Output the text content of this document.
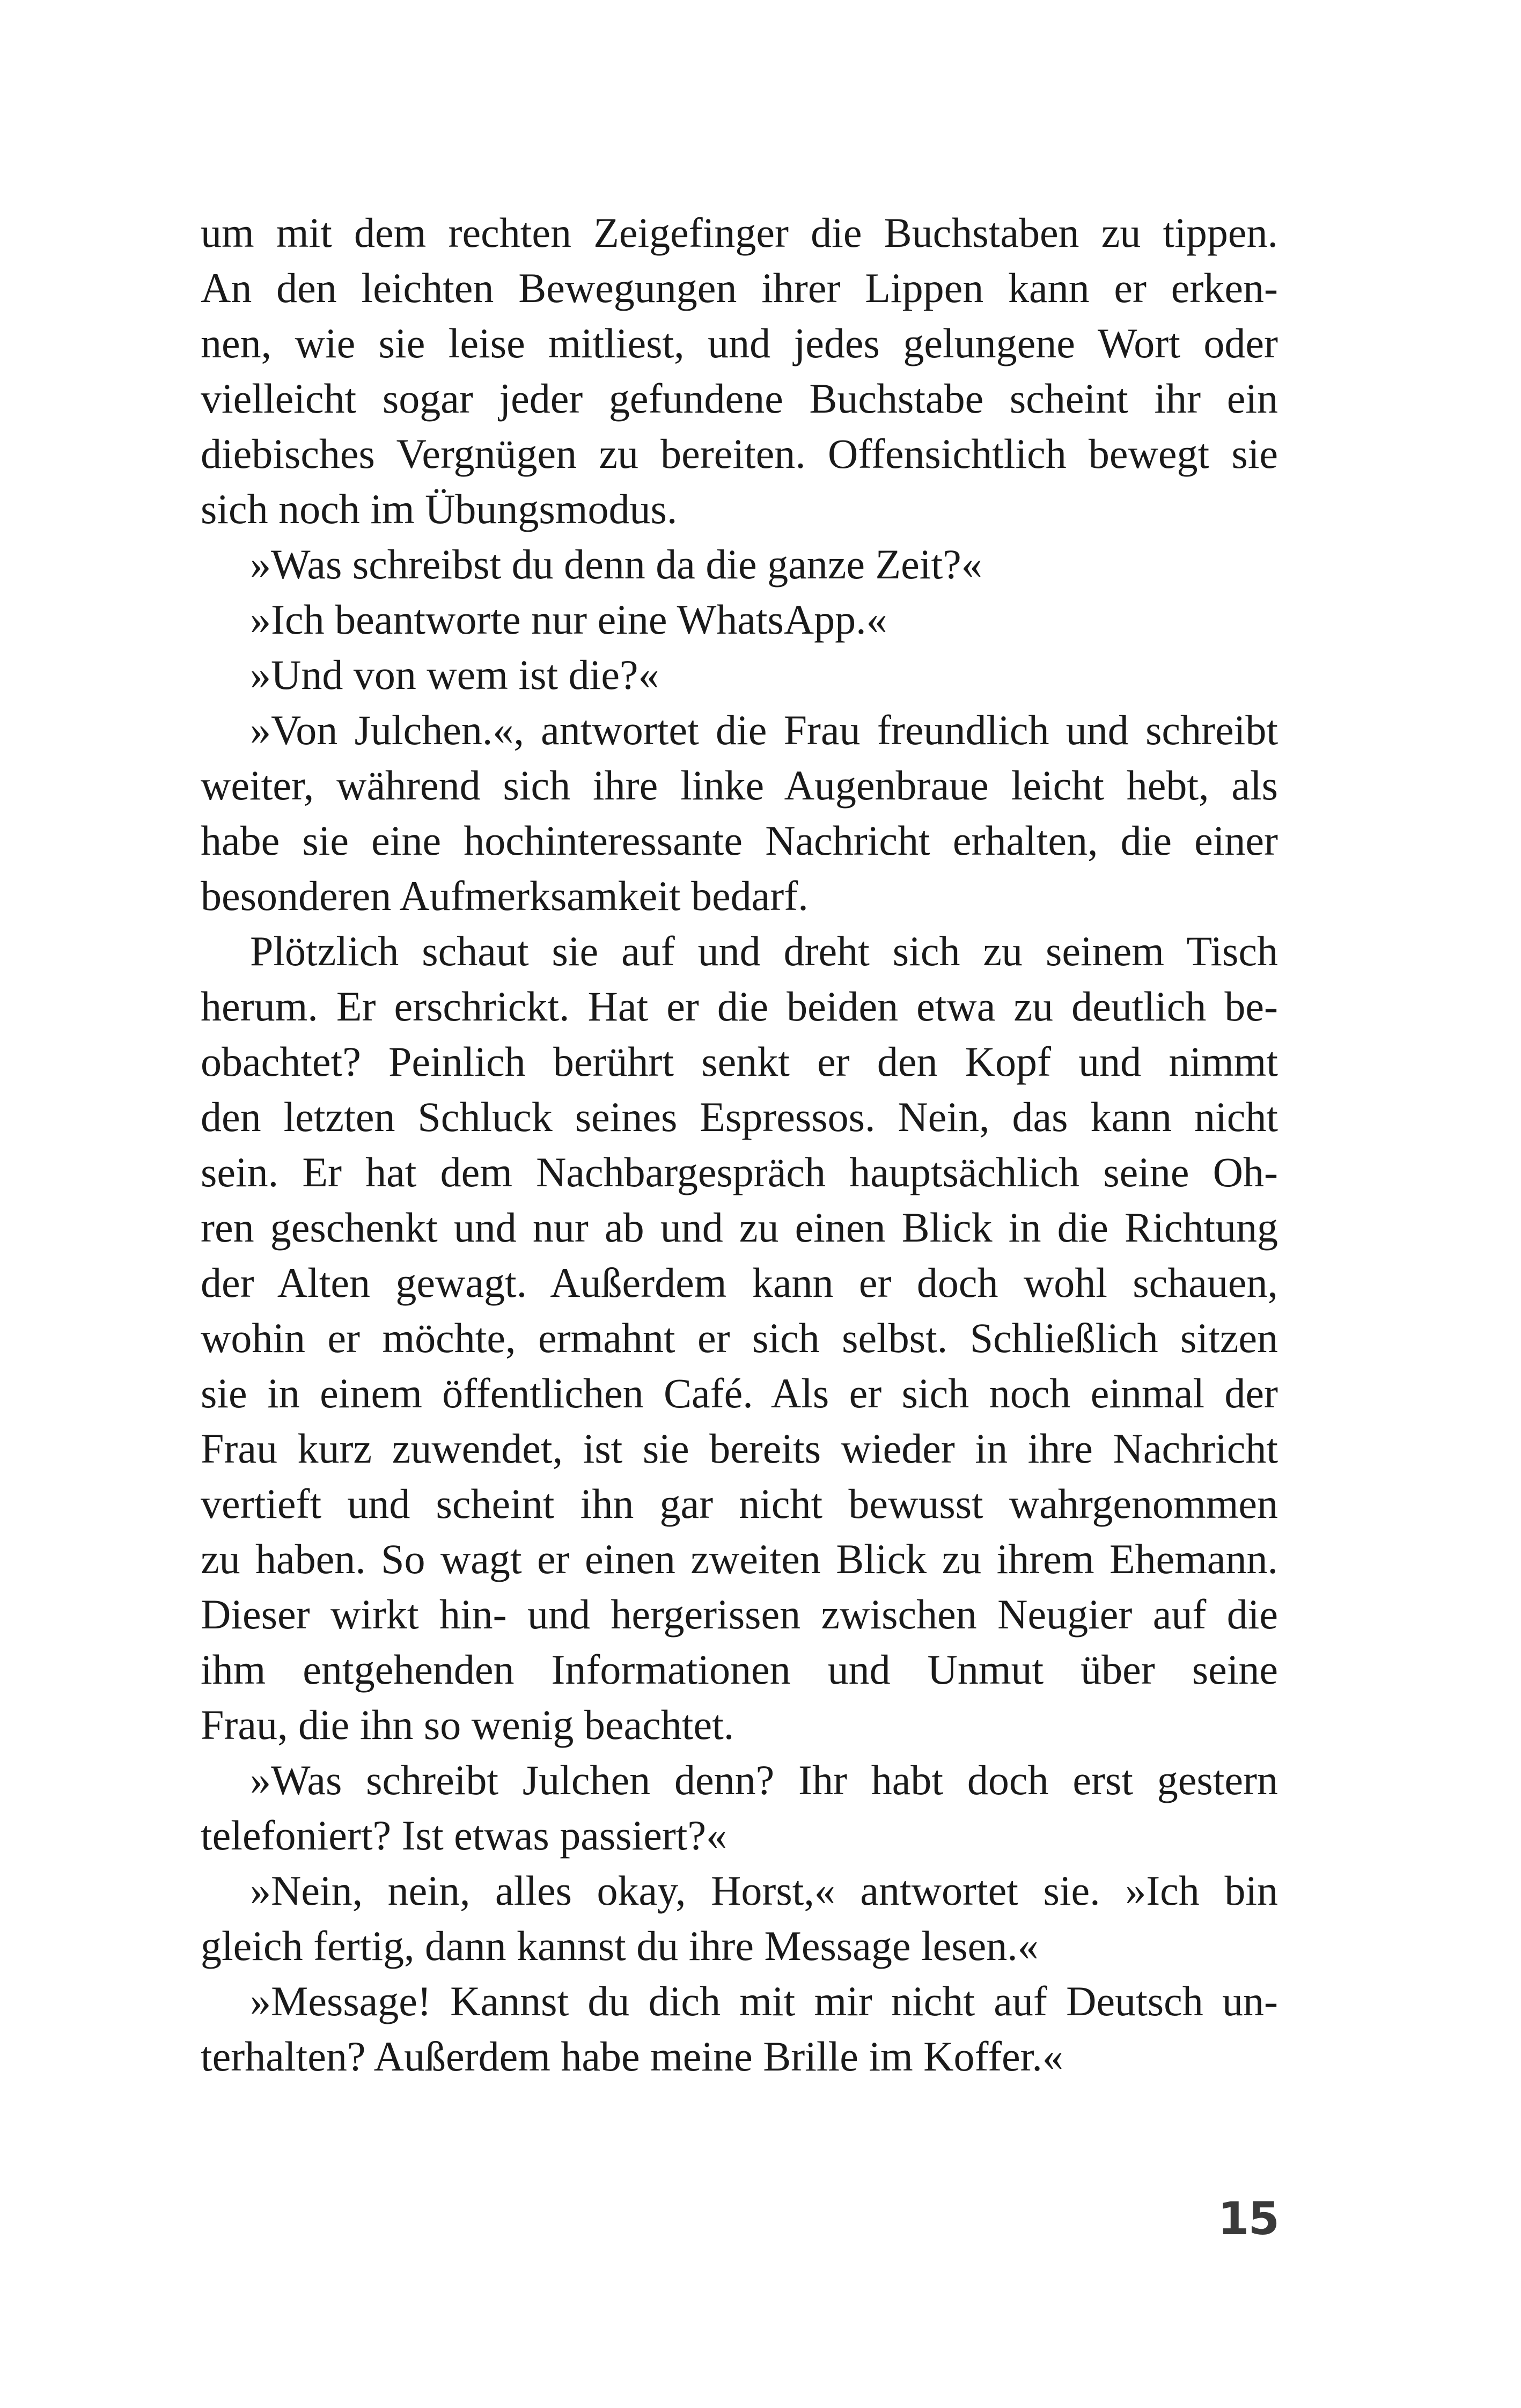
um mit dem rechten Zeigefinger die Buchstaben zu tippen.
An den leichten Bewegungen ihrer Lippen kann er erken-
nen, wie sie leise mitliest, und jedes gelungene Wort oder
vielleicht sogar jeder gefundene Buchstabe scheint ihr ein
diebisches Vergnügen zu bereiten. Offensichtlich bewegt sie
sich noch im Übungsmodus.
»Was schreibst du denn da die ganze Zeit?«
»Ich beantworte nur eine WhatsApp.«
»Und von wem ist die?«
»Von Julchen.«, antwortet die Frau freundlich und schreibt
weiter, während sich ihre linke Augenbraue leicht hebt, als
habe sie eine hochinteressante Nachricht erhalten, die einer
besonderen Aufmerksamkeit bedarf.
Plötzlich schaut sie auf und dreht sich zu seinem Tisch
herum. Er erschrickt. Hat er die beiden etwa zu deutlich be-
obachtet? Peinlich berührt senkt er den Kopf und nimmt
den letzten Schluck seines Espressos. Nein, das kann nicht
sein. Er hat dem Nachbargespräch hauptsächlich seine Oh-
ren geschenkt und nur ab und zu einen Blick in die Richtung
der Alten gewagt. Außerdem kann er doch wohl schauen,
wohin er möchte, ermahnt er sich selbst. Schließlich sitzen
sie in einem öffentlichen Café. Als er sich noch einmal der
Frau kurz zuwendet, ist sie bereits wieder in ihre Nachricht
vertieft und scheint ihn gar nicht bewusst wahrgenommen
zu haben. So wagt er einen zweiten Blick zu ihrem Ehemann.
Dieser wirkt hin- und hergerissen zwischen Neugier auf die
ihm entgehenden Informationen und Unmut über seine
Frau, die ihn so wenig beachtet.
»Was schreibt Julchen denn? Ihr habt doch erst gestern
telefoniert? Ist etwas passiert?«
»Nein, nein, alles okay, Horst,« antwortet sie. »Ich bin
gleich fertig, dann kannst du ihre Message lesen.«
»Message! Kannst du dich mit mir nicht auf Deutsch un-
terhalten? Außerdem habe meine Brille im Koffer.«
15
